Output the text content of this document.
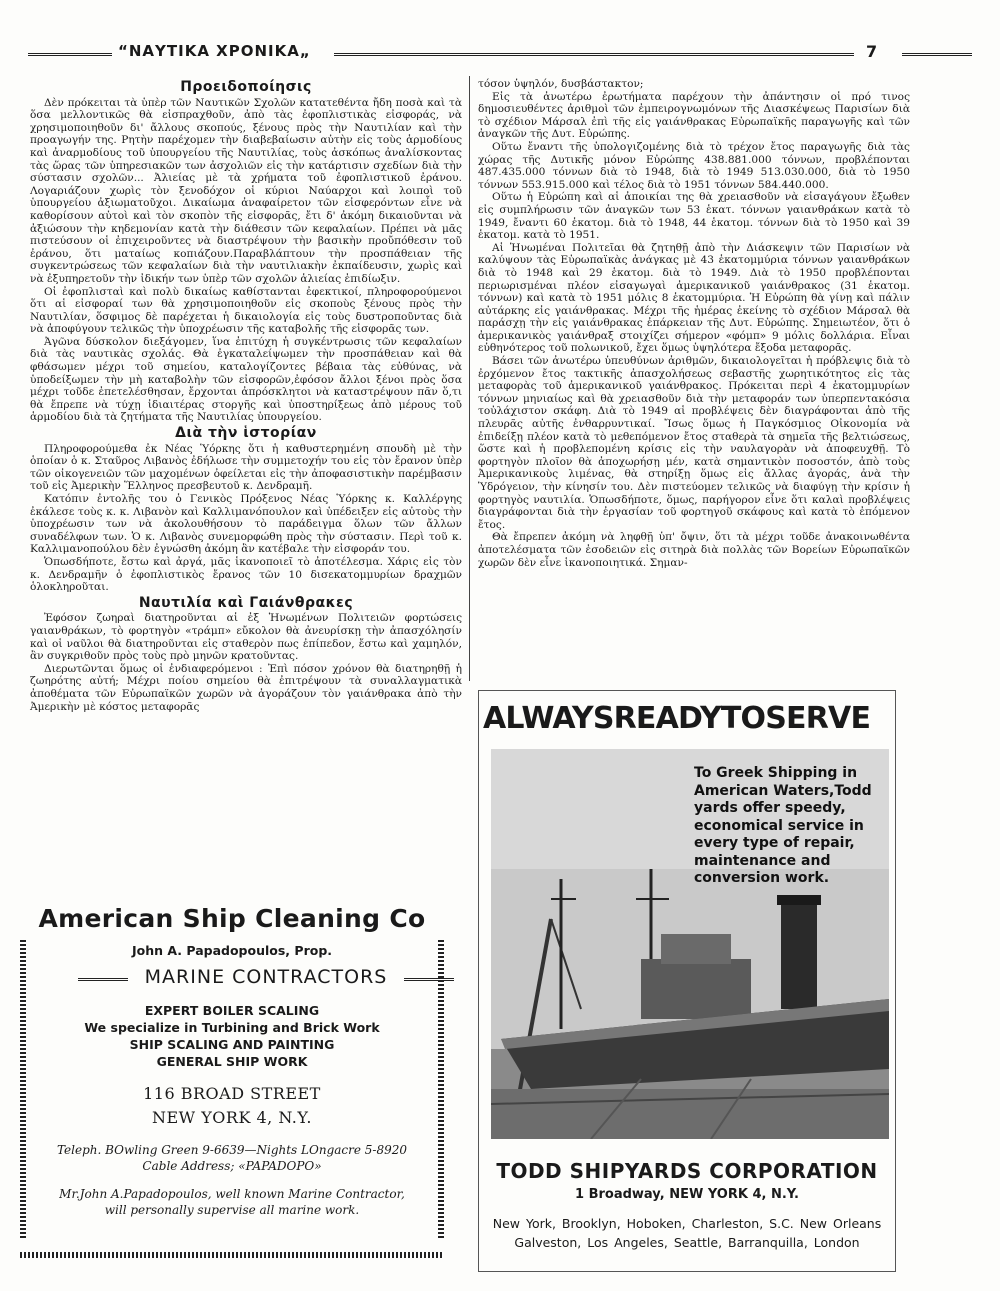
“ΝΑΥΤΙΚΑ ΧΡΟΝΙΚΑ„	7
Προειδοποίησις

Δὲν πρόκειται τὰ ὑπὲρ τῶν Ναυτικῶν Σχολῶν κατατεθέντα ἤδη ποσὰ καὶ τὰ ὅσα μελλοντικῶς θὰ εἰσπραχθοῦν, ἀπὸ τὰς ἐφοπλιστικὰς εἰσφοράς, νὰ χρησιμοποιηθοῦν δι' ἄλλους σκοπούς, ξένους πρὸς τὴν Ναυτιλίαν καὶ τὴν προαγωγήν της. Ρητὴν παρέχομεν τὴν διαβεβαίωσιν αὐτὴν εἰς τοὺς ἁρμοδίους καὶ ἀναρμοδίους τοῦ ὑπουργείου τῆς Ναυτιλίας, τοὺς ἀσκόπως ἀναλίσκοντας τὰς ὥρας τῶν ὑπηρεσιακῶν των ἀσχολιῶν εἰς τὴν κατάρτισιν σχεδίων διὰ τὴν σύστασιν σχολῶν... Ἀλιείας μὲ τὰ χρήματα τοῦ ἐφοπλιστικοῦ ἐράνου. Λογαριάζουν χωρὶς τὸν ξενοδόχον οἱ κύριοι Ναύαρχοι καὶ λοιποὶ τοῦ ὑπουργείου ἀξιωματοῦχοι. Δικαίωμα ἀναφαίρετον τῶν εἰσφερόντων εἶνε νὰ καθορίσουν αὐτοὶ καὶ τὸν σκοπὸν τῆς εἰσφορᾶς, ἔτι δ' ἀκόμη δικαιοῦνται νὰ ἀξιώσουν τὴν κηδεμονίαν κατὰ τὴν διάθεσιν τῶν κεφαλαίων. Πρέπει νὰ μᾶς πιστεύσουν οἱ ἐπιχειροῦντες νὰ διαστρέψουν τὴν βασικὴν προὔπόθεσιν τοῦ ἐράνου, ὅτι ματαίως κοπιάζουν.Παραβλάπτουν τὴν προσπάθειαν τῆς συγκεντρώσεως τῶν κεφαλαίων διὰ τὴν ναυτιλιακὴν ἐκπαίδευσιν, χωρὶς καὶ νὰ ἐξυπηρετοῦν τὴν ἰδικήν των ὑπὲρ τῶν σχολῶν ἁλιείας ἐπιδίωξιν.

Οἱ ἐφοπλισταὶ καὶ πολὺ δικαίως καθίστανται ἐφεκτικοί, πληροφορούμενοι ὅτι αἱ εἰσφοραί των θὰ χρησιμοποιηθοῦν εἰς σκοποὺς ξένους πρὸς τὴν Ναυτιλίαν, ὅσφιμος δὲ παρέχεται ἡ δικαιολογία εἰς τοὺς δυστροποῦντας διὰ νὰ ἀποφύγουν τελικῶς τὴν ὑποχρέωσιν τῆς καταβολῆς τῆς εἰσφορᾶς των.

Ἀγῶνα δύσκολον διεξάγομεν, ἵνα ἐπιτύχη ἡ συγκέντρωσις τῶν κεφαλαίων διὰ τὰς ναυτικὰς σχολάς. Θὰ ἐγκαταλείψωμεν τὴν προσπάθειαν καὶ θὰ φθάσωμεν μέχρι τοῦ σημείου, καταλογίζοντες βέβαια τὰς εὐθύνας, νὰ ὑποδείξωμεν τὴν μὴ καταβολὴν τῶν εἰσφορῶν,ἐφόσον ἄλλοι ξένοι πρὸς ὅσα μέχρι τοῦδε ἐπετελέσθησαν, ἔρχονται ἀπρόσκλητοι νὰ καταστρέψουν πᾶν ὅ,τι θὰ ἔπρεπε νὰ τύχῃ ἰδιαιτέρας στοργῆς καὶ ὑποστηρίξεως ἀπὸ μέρους τοῦ ἁρμοδίου διὰ τὰ ζητήματα τῆς Ναυτιλίας ὑπουργείου.

Διὰ τὴν ἱστορίαν

Πληροφορούμεθα ἐκ Νέας Ὑόρκης ὅτι ἡ καθυστερημένη σπουδὴ μὲ τὴν ὁποίαν ὁ κ. Σταῦρος Λιβανὸς ἐδήλωσε τὴν συμμετοχήν του εἰς τὸν ἔρανον ὑπὲρ τῶν οἰκογενειῶν τῶν μαχομένων ὀφείλεται εἰς τὴν ἀποφασιστικὴν παρέμβασιν τοῦ εἰς Ἀμερικὴν Ἕλληνος πρεσβευτοῦ κ. Δενδραμῆ.

Κατόπιν ἐντολῆς του ὁ Γενικὸς Πρόξενος Νέας Ὑόρκης κ. Καλλέργης ἐκάλεσε τοὺς κ. κ. Λιβανὸν καὶ Καλλιμανόπουλον καὶ ὑπέδειξεν εἰς αὐτοὺς τὴν ὑποχρέωσιν των νὰ ἀκολουθήσουν τὸ παράδειγμα ὅλων τῶν ἄλλων συναδέλφων των. Ὁ κ. Λιβανὸς συνεμορφώθη πρὸς τὴν σύστασιν. Περὶ τοῦ κ. Καλλιμανοπούλου δὲν ἐγνώσθη ἀκόμη ἂν κατέβαλε τὴν εἰσφοράν του.

Ὁπωσδήποτε, ἔστω καὶ ἀργά, μᾶς ἱκανοποιεῖ τὸ ἀποτέλεσμα. Χάρις εἰς τὸν κ. Δενδραμῆν ὁ ἐφοπλιστικὸς ἔρανος τῶν 10 δισεκατομμυρίων δραχμῶν ὁλοκληροῦται.

Ναυτιλία καὶ Γαιάνθρακες

Ἐφόσον ζωηραὶ διατηροῦνται αἱ ἐξ Ἡνωμένων Πολιτειῶν φορτώσεις γαιανθράκων, τὸ φορτηγὸν «τράμπ» εὔκολον θὰ ἀνευρίσκῃ τὴν ἀπασχόλησίν καὶ οἱ ναῦλοι θὰ διατηροῦνται εἰς σταθερὸν πως ἐπίπεδον, ἔστω καὶ χαμηλόν, ἂν συγκριθοῦν πρὸς τοὺς πρὸ μηνῶν κρατοῦντας.

Διερωτῶνται ὅμως οἱ ἐνδιαφερόμενοι : Ἐπὶ πόσον χρόνον θὰ διατηρηθῇ ἡ ζωηρότης αὐτή; Μέχρι ποίου σημείου θὰ ἐπιτρέψουν τὰ συναλλαγματικὰ ἀποθέματα τῶν Εὐρωπαϊκῶν χωρῶν νὰ ἀγοράζουν τὸν γαιάνθρακα ἀπὸ τὴν Ἀμερικὴν μὲ κόστος μεταφορᾶς

τόσον ὑψηλόν, δυσβάστακτον;

Εἰς τὰ ἀνωτέρω ἐρωτήματα παρέχουν τὴν ἀπάντησιν οἱ πρό τινος δημοσιευθέντες ἀριθμοὶ τῶν ἐμπειρογνωμόνων τῆς Διασκέψεως Παρισίων διὰ τὸ σχέδιον Μάρσαλ ἐπὶ τῆς εἰς γαιάνθρακας Εὐρωπαϊκῆς παραγωγῆς καὶ τῶν ἀναγκῶν τῆς Δυτ. Εὐρώπης.

Οὕτω ἔναντι τῆς ὑπολογιζομένης διὰ τὸ τρέχον ἔτος παραγωγῆς διὰ τὰς χώρας τῆς Δυτικῆς μόνον Εὐρώπης 438.881.000 τόννων, προβλέπονται 487.435.000 τόννων διὰ τὸ 1948, διὰ τὸ 1949 513.030.000, διὰ τὸ 1950 τόννων 553.915.000 καὶ τέλος διὰ τὸ 1951 τόννων 584.440.000.

Οὕτω ἡ Εὐρώπη καὶ αἱ ἀποικίαι της θὰ χρειασθοῦν νὰ εἰσαγάγουν ἔξωθεν εἰς συμπλήρωσιν τῶν ἀναγκῶν των 53 ἑκατ. τόννων γαιανθράκων κατὰ τὸ 1949, ἔναντι 60 ἑκατομ. διὰ τὸ 1948, 44 ἑκατομ. τόννων διὰ τὸ 1950 καὶ 39 ἑκατομ. κατὰ τὸ 1951.

Αἱ Ἡνωμέναι Πολιτεῖαι θὰ ζητηθῇ ἀπὸ τὴν Διάσκεψιν τῶν Παρισίων νὰ καλύψουν τὰς Εὐρωπαϊκὰς ἀνάγκας μὲ 43 ἑκατομμύρια τόννων γαιανθράκων διὰ τὸ 1948 καὶ 29 ἑκατομ. διὰ τὸ 1949. Διὰ τὸ 1950 προβλέπονται περιωρισμέναι πλέον εἰσαγωγαὶ ἀμερικανικοῦ γαιάνθρακος (31 ἑκατομ. τόννων) καὶ κατὰ τὸ 1951 μόλις 8 ἑκατομμύρια. Ἡ Εὐρώπη θὰ γίνῃ καὶ πάλιν αὐτάρκης εἰς γαιάνθρακας. Μέχρι τῆς ἡμέρας ἐκείνης τὸ σχέδιον Μάρσαλ θὰ παράσχῃ τὴν εἰς γαιάνθρακας ἐπάρκειαν τῆς Δυτ. Εὐρώπης. Σημειωτέον, ὅτι ὁ ἀμερικανικὸς γαιάνθραξ στοιχίζει σήμερον «φόμπ» 9 μόλις δολλάρια. Εἶναι εὐθηνότερος τοῦ πολωνικοῦ, ἔχει ὅμως ὑψηλότερα ἔξοδα μεταφορᾶς.

Βάσει τῶν ἀνωτέρω ὑπευθύνων ἀριθμῶν, δικαιολογεῖται ἡ πρόβλεψις διὰ τὸ ἐρχόμενον ἔτος τακτικῆς ἀπασχολήσεως σεβαστῆς χωρητικότητος εἰς τὰς μεταφορὰς τοῦ ἀμερικανικοῦ γαιάνθρακος. Πρόκειται περὶ 4 ἑκατομμυρίων τόννων μηνιαίως καὶ θὰ χρειασθοῦν διὰ τὴν μεταφοράν των ὑπερπεντακόσια τοὐλάχιστον σκάφη. Διὰ τὸ 1949 αἱ προβλέψεις δὲν διαγράφονται ἀπὸ τῆς πλευρᾶς αὐτῆς ἐνθαρρυντικαί. Ἴσως ὅμως ἡ Παγκόσμιος Οἰκονομία νὰ ἐπιδείξῃ πλέον κατὰ τὸ μεθεπόμενον ἔτος σταθερὰ τὰ σημεῖα τῆς βελτιώσεως, ὥστε καὶ ἡ προβλεπομένη κρίσις εἰς τὴν ναυλαγορὰν νὰ ἀποφευχθῇ. Τὸ φορτηγὸν πλοῖον θὰ ἀποχωρήσῃ μέν, κατὰ σημαντικὸν ποσοστόν, ἀπὸ τοὺς Ἀμερικανικοὺς λιμένας, θὰ στηρίξῃ ὅμως εἰς ἄλλας ἀγοράς, ἀνὰ τὴν Ὑδρόγειον, τὴν κίνησίν του. Δὲν πιστεύομεν τελικῶς νὰ διαφύγῃ τὴν κρίσιν ἡ φορτηγὸς ναυτιλία. Ὁπωσδήποτε, ὅμως, παρήγορον εἶνε ὅτι καλαὶ προβλέψεις διαγράφονται διὰ τὴν ἐργασίαν τοῦ φορτηγοῦ σκάφους καὶ κατὰ τὸ ἐπόμενον ἔτος.

Θὰ ἔπρεπεν ἀκόμη νὰ ληφθῇ ὑπ' ὄψιν, ὅτι τὰ μέχρι τοῦδε ἀνακοινωθέντα ἀποτελέσματα τῶν ἐσοδειῶν εἰς σιτηρὰ διὰ πολλὰς τῶν Βορείων Εὐρωπαϊκῶν χωρῶν δὲν εἶνε ἱκανοποιητικά. Σημαν-

American Ship Cleaning Co
John A. Papadopoulos, Prop.
MARINE CONTRACTORS
EXPERT BOILER SCALING
We specialize in Turbining and Brick Work
SHIP SCALING AND PAINTING
GENERAL SHIP WORK
116 BROAD STREET
NEW YORK 4, N.Y.
Teleph. BOwling Green 9-6639—Nights LOngacre 5-8920
Cable Address; «PAPADOPO»
Mr.John A.Papadopoulos, well known Marine Contractor,
will personally supervise all marine work.
ALWAYSREADYTOSERVE
To Greek Shipping in American Waters,Todd yards offer speedy, economical service in every type of repair, maintenance and conversion work.
TODD SHIPYARDS CORPORATION
1 Broadway, NEW YORK 4, N.Y.
New York, Brooklyn, Hoboken, Charleston, S.C. New Orleans
Galveston, Los Angeles, Seattle, Barranquilla, London
